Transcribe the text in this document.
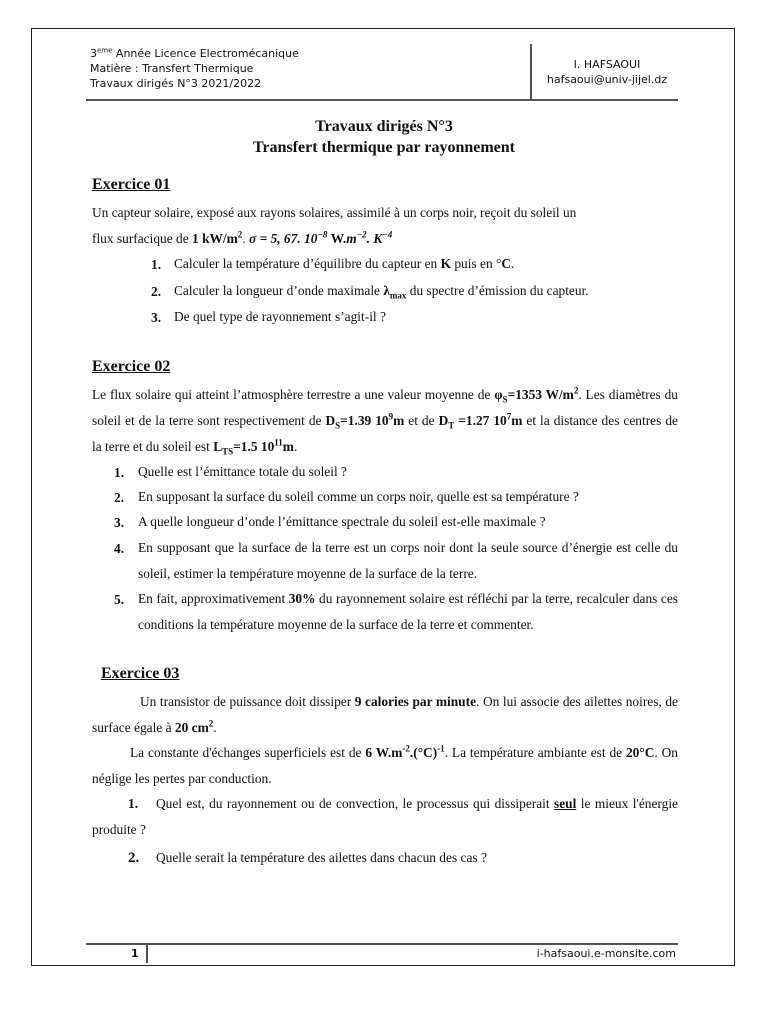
3eme Année Licence Electromécanique
Matière : Transfert Thermique
Travaux dirigés N°3 2021/2022
I. HAFSAOUI
hafsaoui@univ-jijel.dz
Travaux dirigés N°3
Transfert thermique par rayonnement
Exercice 01
Un capteur solaire, exposé aux rayons solaires, assimilé à un corps noir, reçoit du soleil un
flux surfacique de 1 $kW/m^2$. σ = 5, 67. $10^{-8}$ $W.m^{-2}$. $K^{-4}$
1. Calculer la température d’équilibre du capteur en K puis en °C.
2. Calculer la longueur d’onde maximale $\lambda_{max}$ du spectre d’émission du capteur.
3. De quel type de rayonnement s’agit-il ?
Exercice 02
Le flux solaire qui atteint l’atmosphère terrestre a une valeur moyenne de $\varphi_S=1353$ $W/m^2$. Les diamètres du soleil et de la terre sont respectivement de $D_S=1.39$ $10^9m$ et de $D_T =1.27$ $10^7m$ et la distance des centres de la terre et du soleil est $L_{TS}=1.5$ $10^{11}m$.
1. Quelle est l’émittance totale du soleil ?
2. En supposant la surface du soleil comme un corps noir, quelle est sa température ?
3. A quelle longueur d’onde l’émittance spectrale du soleil est-elle maximale ?
4. En supposant que la surface de la terre est un corps noir dont la seule source d’énergie est celle du soleil, estimer la température moyenne de la surface de la terre.
5. En fait, approximativement 30% du rayonnement solaire est réfléchi par la terre, recalculer dans ces conditions la température moyenne de la surface de la terre et commenter.
Exercice 03
Un transistor de puissance doit dissiper 9 calories par minute. On lui associe des ailettes noires, de surface égale à 20 $cm^2$.
La constante d'échanges superficiels est de 6 $W.m^{-2}.(^\circ C)^{-1}$. La température ambiante est de 20°C. On néglige les pertes par conduction.
1. Quel est, du rayonnement ou de convection, le processus qui dissiperait seul le mieux l'énergie produite ?
2. Quelle serait la température des ailettes dans chacun des cas ?
1	i-hafsaoui.e-monsite.com
